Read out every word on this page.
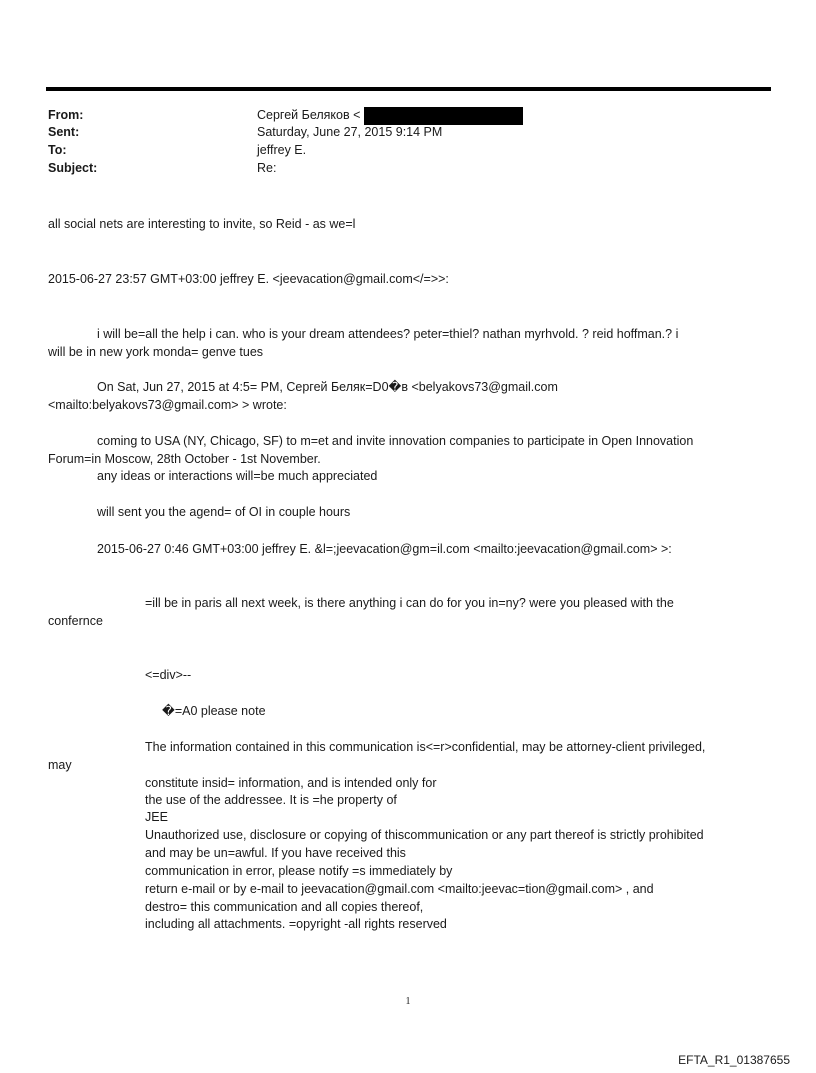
From:	Сергей Беляков <
Sent:	Saturday, June 27, 2015 9:14 PM
To:	jeffrey E.
Subject:	Re:
all social nets are interesting to invite, so Reid - as we=l
2015-06-27 23:57 GMT+03:00 jeffrey E. <jeevacation@gmail.com</=>>:
i will be=all the help i can. who is your dream attendees? peter=thiel? nathan myrhvold. ? reid hoffman.? i
will be in new york monda= genve tues
On Sat, Jun 27, 2015 at 4:5= PM, Сергей Беляк=D0�в <belyakovs73@gmail.com
<mailto:belyakovs73@gmail.com> > wrote:
coming to USA (NY, Chicago, SF) to m=et and invite innovation companies to participate in Open Innovation
Forum=in Moscow, 28th October - 1st November.
any ideas or interactions will=be much appreciated
will sent you the agend= of OI in couple hours
2015-06-27 0:46 GMT+03:00 jeffrey E. &l=;jeevacation@gm=il.com <mailto:jeevacation@gmail.com> >:
=ill be in paris all next week, is there anything i can do for you in=ny? were you pleased with the
confernce
<=div>--
�=A0 please note
The information contained in this communication is<=r>confidential, may be attorney-client privileged,
may
constitute insid= information, and is intended only for
the use of the addressee. It is =he property of
JEE
Unauthorized use, disclosure or copying of thiscommunication or any part thereof is strictly prohibited
and may be un=awful. If you have received this
communication in error, please notify =s immediately by
return e-mail or by e-mail to jeevacation@gmail.com <mailto:jeevac=tion@gmail.com> , and
destro= this communication and all copies thereof,
including all attachments. =opyright -all rights reserved
1
EFTA_R1_01387655
